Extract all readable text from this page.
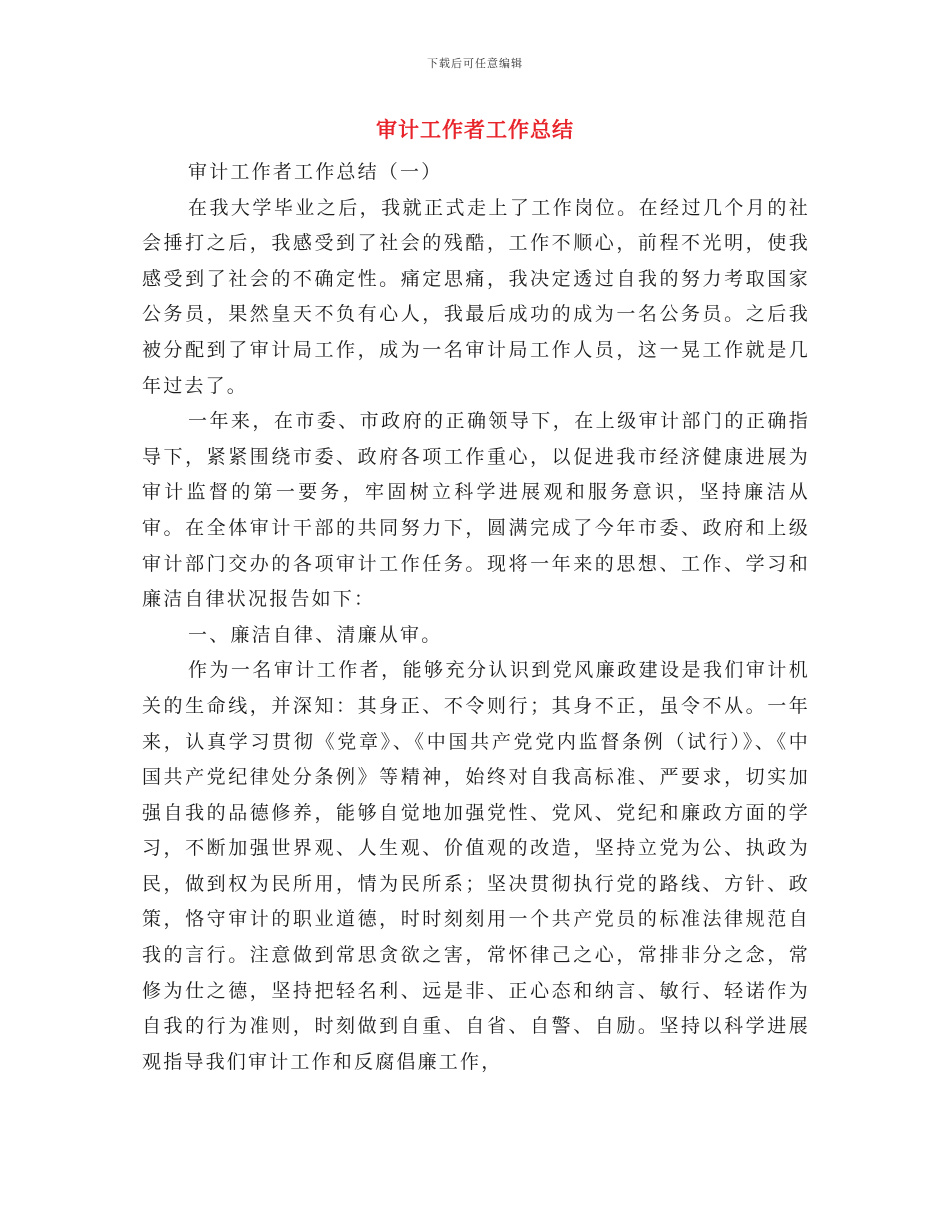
下载后可任意编辑
审计工作者工作总结

审计工作者工作总结（一）

在我大学毕业之后，我就正式走上了工作岗位。在经过几个月的社会捶打之后，我感受到了社会的残酷，工作不顺心，前程不光明，使我感受到了社会的不确定性。痛定思痛，我决定透过自我的努力考取国家公务员，果然皇天不负有心人，我最后成功的成为一名公务员。之后我被分配到了审计局工作，成为一名审计局工作人员，这一晃工作就是几年过去了。

一年来，在市委、市政府的正确领导下，在上级审计部门的正确指导下，紧紧围绕市委、政府各项工作重心，以促进我市经济健康进展为审计监督的第一要务，牢固树立科学进展观和服务意识，坚持廉洁从审。在全体审计干部的共同努力下，圆满完成了今年市委、政府和上级审计部门交办的各项审计工作任务。现将一年来的思想、工作、学习和廉洁自律状况报告如下：

一、廉洁自律、清廉从审。

作为一名审计工作者，能够充分认识到党风廉政建设是我们审计机关的生命线，并深知：其身正、不令则行；其身不正，虽令不从。一年来，认真学习贯彻《党章》、《中国共产党党内监督条例（试行）》、《中国共产党纪律处分条例》等精神，始终对自我高标准、严要求，切实加强自我的品德修养，能够自觉地加强党性、党风、党纪和廉政方面的学习，不断加强世界观、人生观、价值观的改造，坚持立党为公、执政为民，做到权为民所用，情为民所系；坚决贯彻执行党的路线、方针、政策，恪守审计的职业道德，时时刻刻用一个共产党员的标准法律规范自我的言行。注意做到常思贪欲之害，常怀律己之心，常排非分之念，常修为仕之德，坚持把轻名利、远是非、正心态和纳言、敏行、轻诺作为自我的行为准则，时刻做到自重、自省、自警、自励。坚持以科学进展观指导我们审计工作和反腐倡廉工作，
